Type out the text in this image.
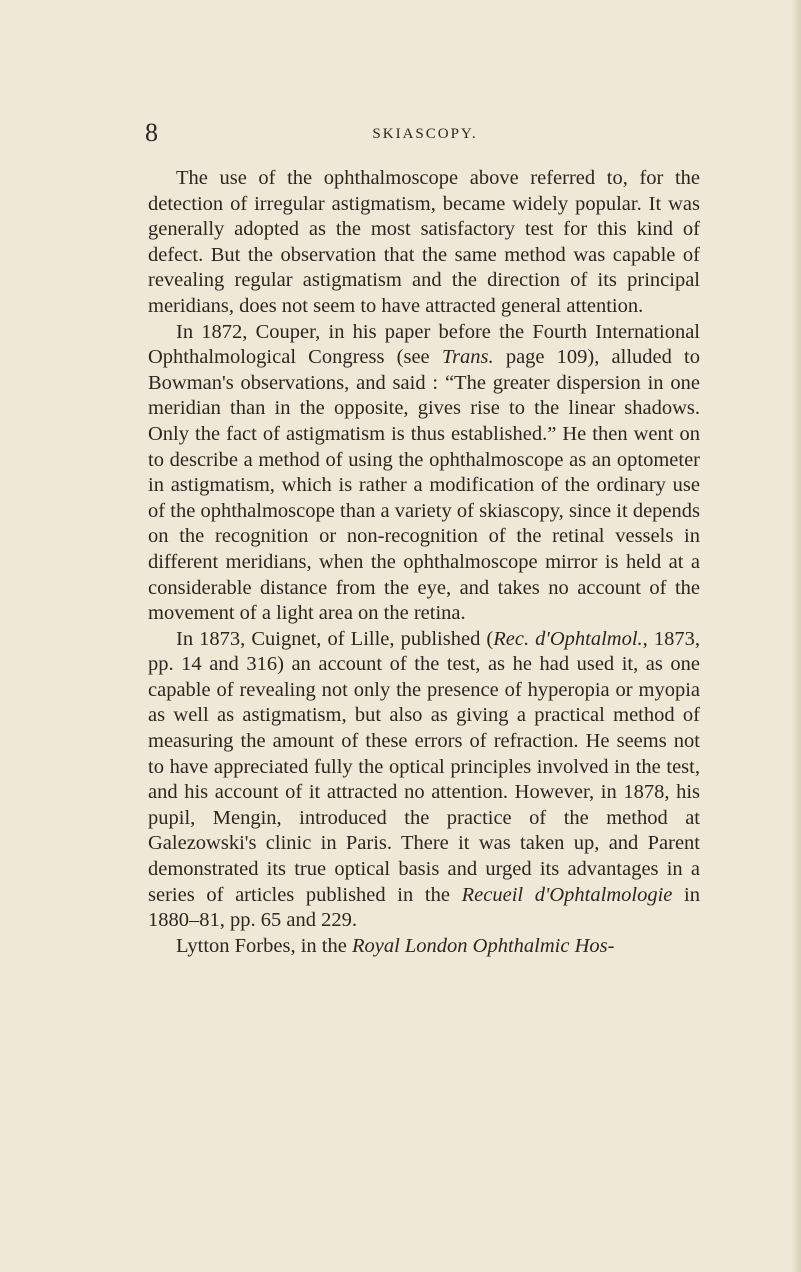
8	SKIASCOPY.

The use of the ophthalmoscope above referred to, for the detection of irregular astigmatism, became widely popular. It was generally adopted as the most satisfactory test for this kind of defect. But the observation that the same method was capable of revealing regular astigmatism and the direction of its principal meridians, does not seem to have attracted general attention.

In 1872, Couper, in his paper before the Fourth International Ophthalmological Congress (see Trans. page 109), alluded to Bowman's observations, and said : “The greater dispersion in one meridian than in the opposite, gives rise to the linear shadows. Only the fact of astigmatism is thus established.” He then went on to describe a method of using the ophthalmoscope as an optometer in astigmatism, which is rather a modification of the ordinary use of the ophthalmoscope than a variety of skiascopy, since it depends on the recognition or non-recognition of the retinal vessels in different meridians, when the ophthalmoscope mirror is held at a considerable distance from the eye, and takes no account of the movement of a light area on the retina.

In 1873, Cuignet, of Lille, published (Rec. d'Ophtalmol., 1873, pp. 14 and 316) an account of the test, as he had used it, as one capable of revealing not only the presence of hyperopia or myopia as well as astigmatism, but also as giving a practical method of measuring the amount of these errors of refraction. He seems not to have appreciated fully the optical principles involved in the test, and his account of it attracted no attention. However, in 1878, his pupil, Mengin, introduced the practice of the method at Galezowski's clinic in Paris. There it was taken up, and Parent demonstrated its true optical basis and urged its advantages in a series of articles published in the Recueil d'Ophtalmologie in 1880–81, pp. 65 and 229.

Lytton Forbes, in the Royal London Ophthalmic Hos-
